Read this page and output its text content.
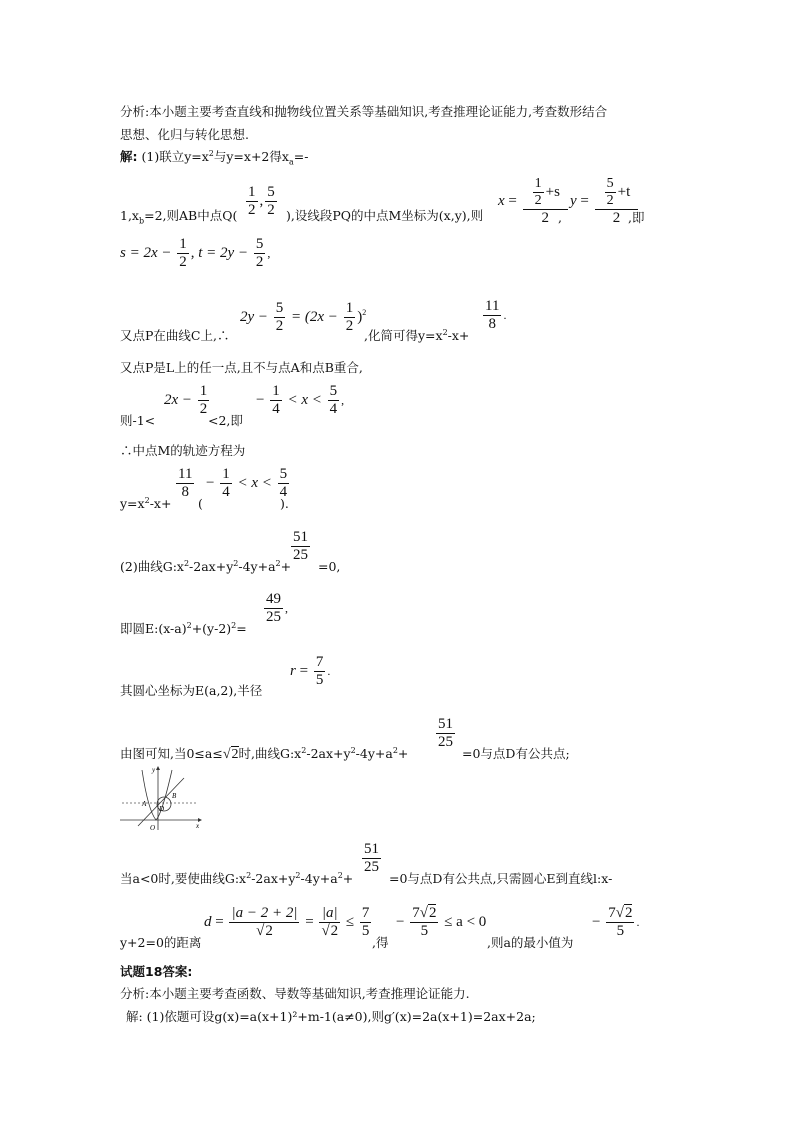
分析:本小题主要考查直线和抛物线位置关系等基础知识,考查推理论证能力,考查数形结合
思想、化归与转化思想.
解: (1)联立$y=x^2$与y=x+2得$x_a=-$
$1,x_b=2$,则AB中点$Q( \frac{1}{2}$ , $\frac{5}{2}$ ),设线段PQ的中点M坐标为(x,y),则
$x = \frac{\frac{1}{2} +s}{2}$
,
$y = \frac{\frac{5}{2} +t}{2}$
,即
$s = 2x - \frac{1}{2}$ , $t = 2y - \frac{5}{2}$ ,
又点P在曲线C上,∴
$2y - \frac{5}{2} = (2x - \frac{1}{2} )^2$
,化简可得$y=x^2-x+$
$\frac{11}{8}$ .
又点P是L上的任一点,且不与点A和点B重合,
则-1<
$2x - \frac{1}{2}$
<2,即
− $\frac{1}{4} < x < \frac{5}{4}$ ,
∴中点M的轨迹方程为
$y=x^2-x+$
$\frac{11}{8}$
(
− $\frac{1}{4} < x < \frac{5}{4}$
).
(2)曲线$G:x^2-2ax+y^2-4y+a^2+$
$\frac{51}{25}$
=0,
即圆$E:(x-a)^2+(y-2)^2=$
$\frac{49}{25}$ ,
其圆心坐标为E(a,2),半径
$r = \frac{7}{5}$ .
由图可知,当0≤a≤√2时,曲线$G:x^2-2ax+y^2-4y+a^2+$
$\frac{51}{25}$
=0与点D有公共点;
y
x
O
A
B
D
当a<0时,要使曲线$G:x^2-2ax+y^2-4y+a^2+$
$\frac{51}{25}$
=0与点D有公共点,只需圆心E到直线l:x-
y+2=0的距离
$d = \frac{|a - 2 + 2|}{√2} = \frac{|a|}{√2} \le \frac{7}{5}$
,得
− $\frac{7√2}{5} \le a < 0$
,则a的最小值为
− $\frac{7√2}{5}$ .
试题18答案:
分析:本小题主要考查函数、导数等基础知识,考查推理论证能力.
解: (1)依题可设g(x)=a(x+1)²+m-1(a≠0),则g′(x)=2a(x+1)=2ax+2a;
